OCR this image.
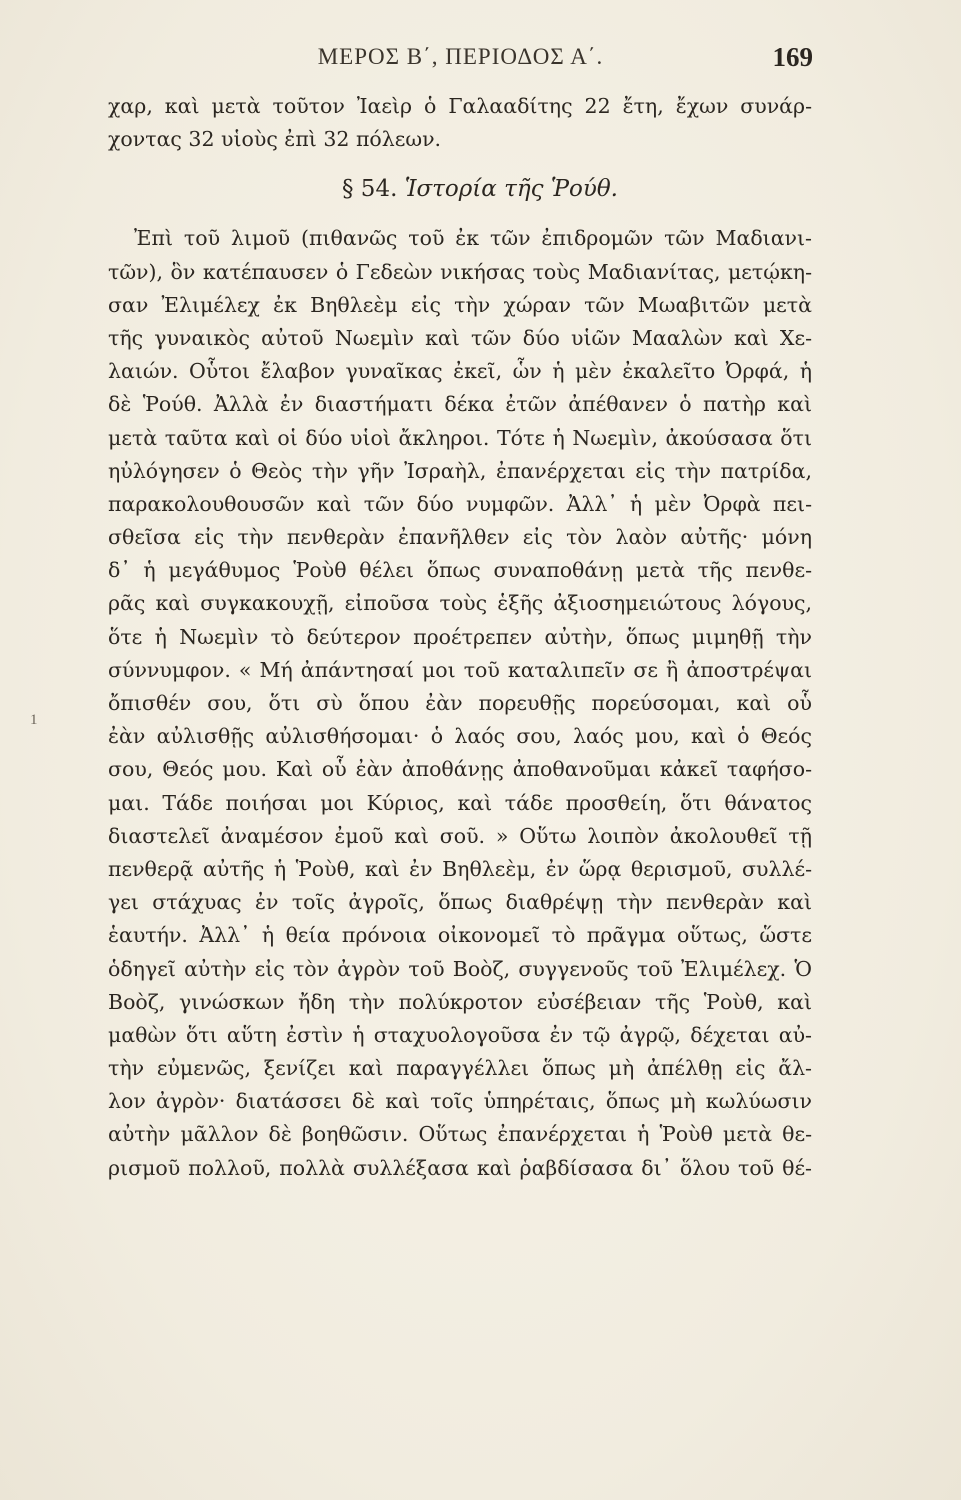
ΜΕΡΟΣ Β΄, ΠΕΡΙΟΔΟΣ Α΄.	169
1
χαρ, καὶ μετὰ τοῦτον Ἰαεὶρ ὁ Γαλααδίτης 22 ἔτη, ἔχων συνάρ-
χοντας 32 υἱοὺς ἐπὶ 32 πόλεων.
§ 54. Ἱστορία τῆς Ῥούθ.
Ἐπὶ τοῦ λιμοῦ (πιθανῶς τοῦ ἐκ τῶν ἐπιδρομῶν τῶν Μαδιανι-
τῶν), ὃν κατέπαυσεν ὁ Γεδεὼν νικήσας τοὺς Μαδιανίτας, μετῴκη-
σαν Ἐλιμέλεχ ἐκ Βηθλεὲμ εἰς τὴν χώραν τῶν Μωαβιτῶν μετὰ
τῆς γυναικὸς αὐτοῦ Νωεμὶν καὶ τῶν δύο υἱῶν Μααλὼν καὶ Χε-
λαιών. Οὗτοι ἔλαβον γυναῖκας ἐκεῖ, ὧν ἡ μὲν ἐκαλεῖτο Ὀρφά, ἡ
δὲ Ῥούθ. Ἀλλὰ ἐν διαστήματι δέκα ἐτῶν ἀπέθανεν ὁ πατὴρ καὶ
μετὰ ταῦτα καὶ οἱ δύο υἱοὶ ἄκληροι. Τότε ἡ Νωεμὶν, ἀκούσασα ὅτι
ηὐλόγησεν ὁ Θεὸς τὴν γῆν Ἰσραὴλ, ἐπανέρχεται εἰς τὴν πατρίδα,
παρακολουθουσῶν καὶ τῶν δύο νυμφῶν. Ἀλλ᾽ ἡ μὲν Ὀρφὰ πει-
σθεῖσα εἰς τὴν πενθερὰν ἐπανῆλθεν εἰς τὸν λαὸν αὐτῆς· μόνη
δ᾽ ἡ μεγάθυμος Ῥοὺθ θέλει ὅπως συναποθάνῃ μετὰ τῆς πενθε-
ρᾶς καὶ συγκακουχῇ, εἰποῦσα τοὺς ἑξῆς ἀξιοσημειώτους λόγους,
ὅτε ἡ Νωεμὶν τὸ δεύτερον προέτρεπεν αὐτὴν, ὅπως μιμηθῇ τὴν
σύννυμφον. « Μή ἀπάντησαί μοι τοῦ καταλιπεῖν σε ἢ ἀποστρέψαι
ὄπισθέν σου, ὅτι σὺ ὅπου ἐὰν πορευθῇς πορεύσομαι, καὶ οὗ
ἐὰν αὐλισθῇς αὐλισθήσομαι· ὁ λαός σου, λαός μου, καὶ ὁ Θεός
σου, Θεός μου. Καὶ οὗ ἐὰν ἀποθάνῃς ἀποθανοῦμαι κἀκεῖ ταφήσο-
μαι. Τάδε ποιήσαι μοι Κύριος, καὶ τάδε προσθείη, ὅτι θάνατος
διαστελεῖ ἀναμέσον ἐμοῦ καὶ σοῦ. » Οὕτω λοιπὸν ἀκολουθεῖ τῇ
πενθερᾷ αὐτῆς ἡ Ῥοὺθ, καὶ ἐν Βηθλεὲμ, ἐν ὥρᾳ θερισμοῦ, συλλέ-
γει στάχυας ἐν τοῖς ἀγροῖς, ὅπως διαθρέψῃ τὴν πενθερὰν καὶ
ἑαυτήν. Ἀλλ᾽ ἡ θεία πρόνοια οἰκονομεῖ τὸ πρᾶγμα οὕτως, ὥστε
ὁδηγεῖ αὐτὴν εἰς τὸν ἀγρὸν τοῦ Βοὸζ, συγγενοῦς τοῦ Ἐλιμέλεχ. Ὁ
Βοὸζ, γινώσκων ἤδη τὴν πολύκροτον εὐσέβειαν τῆς Ῥοὺθ, καὶ
μαθὼν ὅτι αὕτη ἐστὶν ἡ σταχυολογοῦσα ἐν τῷ ἀγρῷ, δέχεται αὐ-
τὴν εὐμενῶς, ξενίζει καὶ παραγγέλλει ὅπως μὴ ἀπέλθῃ εἰς ἄλ-
λον ἀγρὸν· διατάσσει δὲ καὶ τοῖς ὑπηρέταις, ὅπως μὴ κωλύωσιν
αὐτὴν μᾶλλον δὲ βοηθῶσιν. Οὕτως ἐπανέρχεται ἡ Ῥοὺθ μετὰ θε-
ρισμοῦ πολλοῦ, πολλὰ συλλέξασα καὶ ῥαβδίσασα δι᾽ ὅλου τοῦ θέ-
